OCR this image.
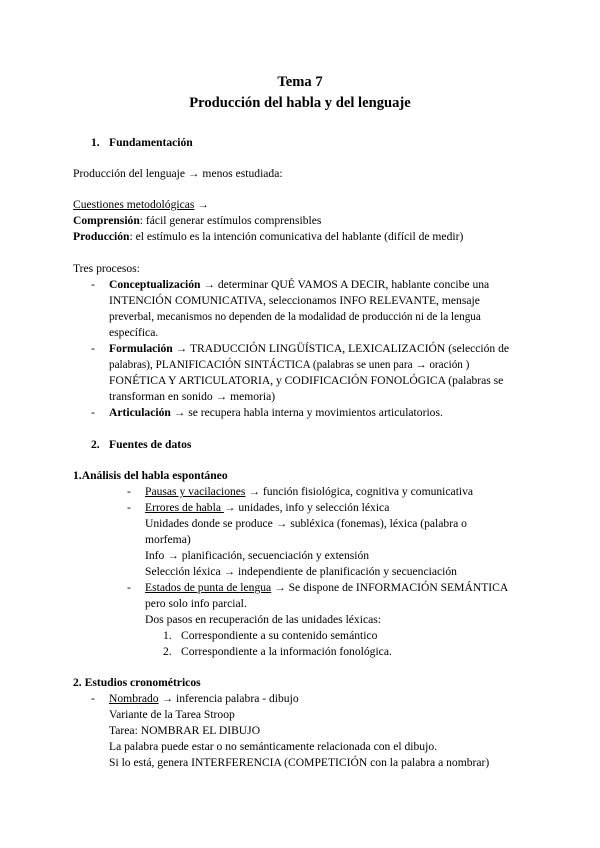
Tema 7
Producción del habla y del lenguaje
1. Fundamentación
Producción del lenguaje → menos estudiada:
Cuestiones metodológicas →
Comprensión: fácil generar estímulos comprensibles
Producción: el estímulo es la intención comunicativa del hablante (difícil de medir)
Tres procesos:
- Conceptualización → determinar QUÉ VAMOS A DECIR, hablante concibe una
INTENCIÓN COMUNICATIVA, seleccionamos INFO RELEVANTE, mensaje
preverbal, mecanismos no dependen de la modalidad de producción ni de la lengua
específica.
- Formulación → TRADUCCIÓN LINGÜÍSTICA, LEXICALIZACIÓN (selección de
palabras), PLANIFICACIÓN SINTÁCTICA (palabras se unen para → oración )
FONÉTICA Y ARTICULATORIA, y CODIFICACIÓN FONOLÓGICA (palabras se
transforman en sonido → memoria)
- Articulación → se recupera habla interna y movimientos articulatorios.
2. Fuentes de datos
1.Análisis del habla espontáneo
- Pausas y vacilaciones → función fisiológica, cognitiva y comunicativa
- Errores de habla → unidades, info y selección léxica
Unidades donde se produce → subléxica (fonemas), léxica (palabra o
morfema)
Info → planificación, secuenciación y extensión
Selección léxica → independiente de planificación y secuenciación
- Estados de punta de lengua → Se dispone de INFORMACIÓN SEMÁNTICA
pero solo info parcial.
Dos pasos en recuperación de las unidades léxicas:
1. Correspondiente a su contenido semántico
2. Correspondiente a la información fonológica.
2. Estudios cronométricos
- Nombrado → inferencia palabra - dibujo
Variante de la Tarea Stroop
Tarea: NOMBRAR EL DIBUJO
La palabra puede estar o no semánticamente relacionada con el dibujo.
Si lo está, genera INTERFERENCIA (COMPETICIÓN con la palabra a nombrar)
